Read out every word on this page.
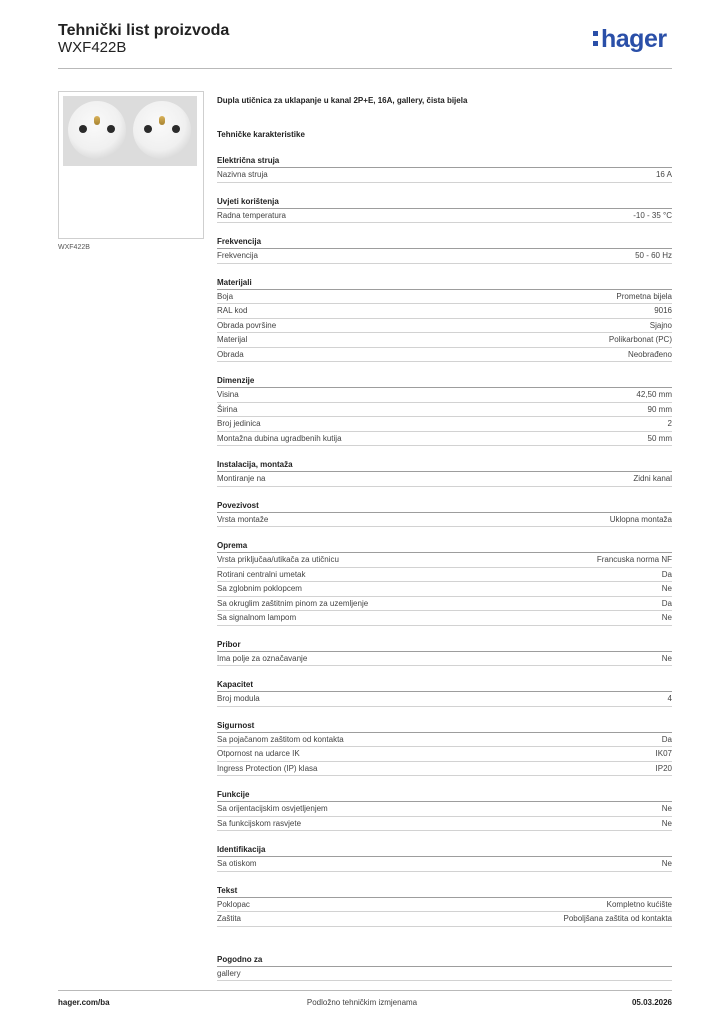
Tehnički list proizvoda
WXF422B	hager
WXF422B
Dupla utičnica za uklapanje u kanal 2P+E, 16A, gallery, čista bijela
Tehničke karakteristike
Električna struja
Nazivna struja	16 A
Uvjeti korištenja
Radna temperatura	-10 - 35 °C
Frekvencija
Frekvencija	50 - 60 Hz
Materijali
Boja	Prometna bijela
RAL kod	9016
Obrada površine	Sjajno
Materijal	Polikarbonat (PC)
Obrada	Neobrađeno
Dimenzije
Visina	42,50 mm
Širina	90 mm
Broj jedinica	2
Montažna dubina ugradbenih kutija	50 mm
Instalacija, montaža
Montiranje na	Zidni kanal
Povezivost
Vrsta montaže	Uklopna montaža
Oprema
Vrsta priključaa/utikača za utičnicu	Francuska norma NF
Rotirani centralni umetak	Da
Sa zglobnim poklopcem	Ne
Sa okruglim zaštitnim pinom za uzemljenje	Da
Sa signalnom lampom	Ne
Pribor
Ima polje za označavanje	Ne
Kapacitet
Broj modula	4
Sigurnost
Sa pojačanom zaštitom od kontakta	Da
Otpornost na udarce IK	IK07
Ingress Protection (IP) klasa	IP20
Funkcije
Sa orijentacijskim osvjetljenjem	Ne
Sa funkcijskom rasvjete	Ne
Identifikacija
Sa otiskom	Ne
Tekst
Poklopac	Kompletno kućište
Zaštita	Poboljšana zaštita od kontakta
Pogodno za
gallery
hager.com/ba	Podložno tehničkim izmjenama	05.03.2026
